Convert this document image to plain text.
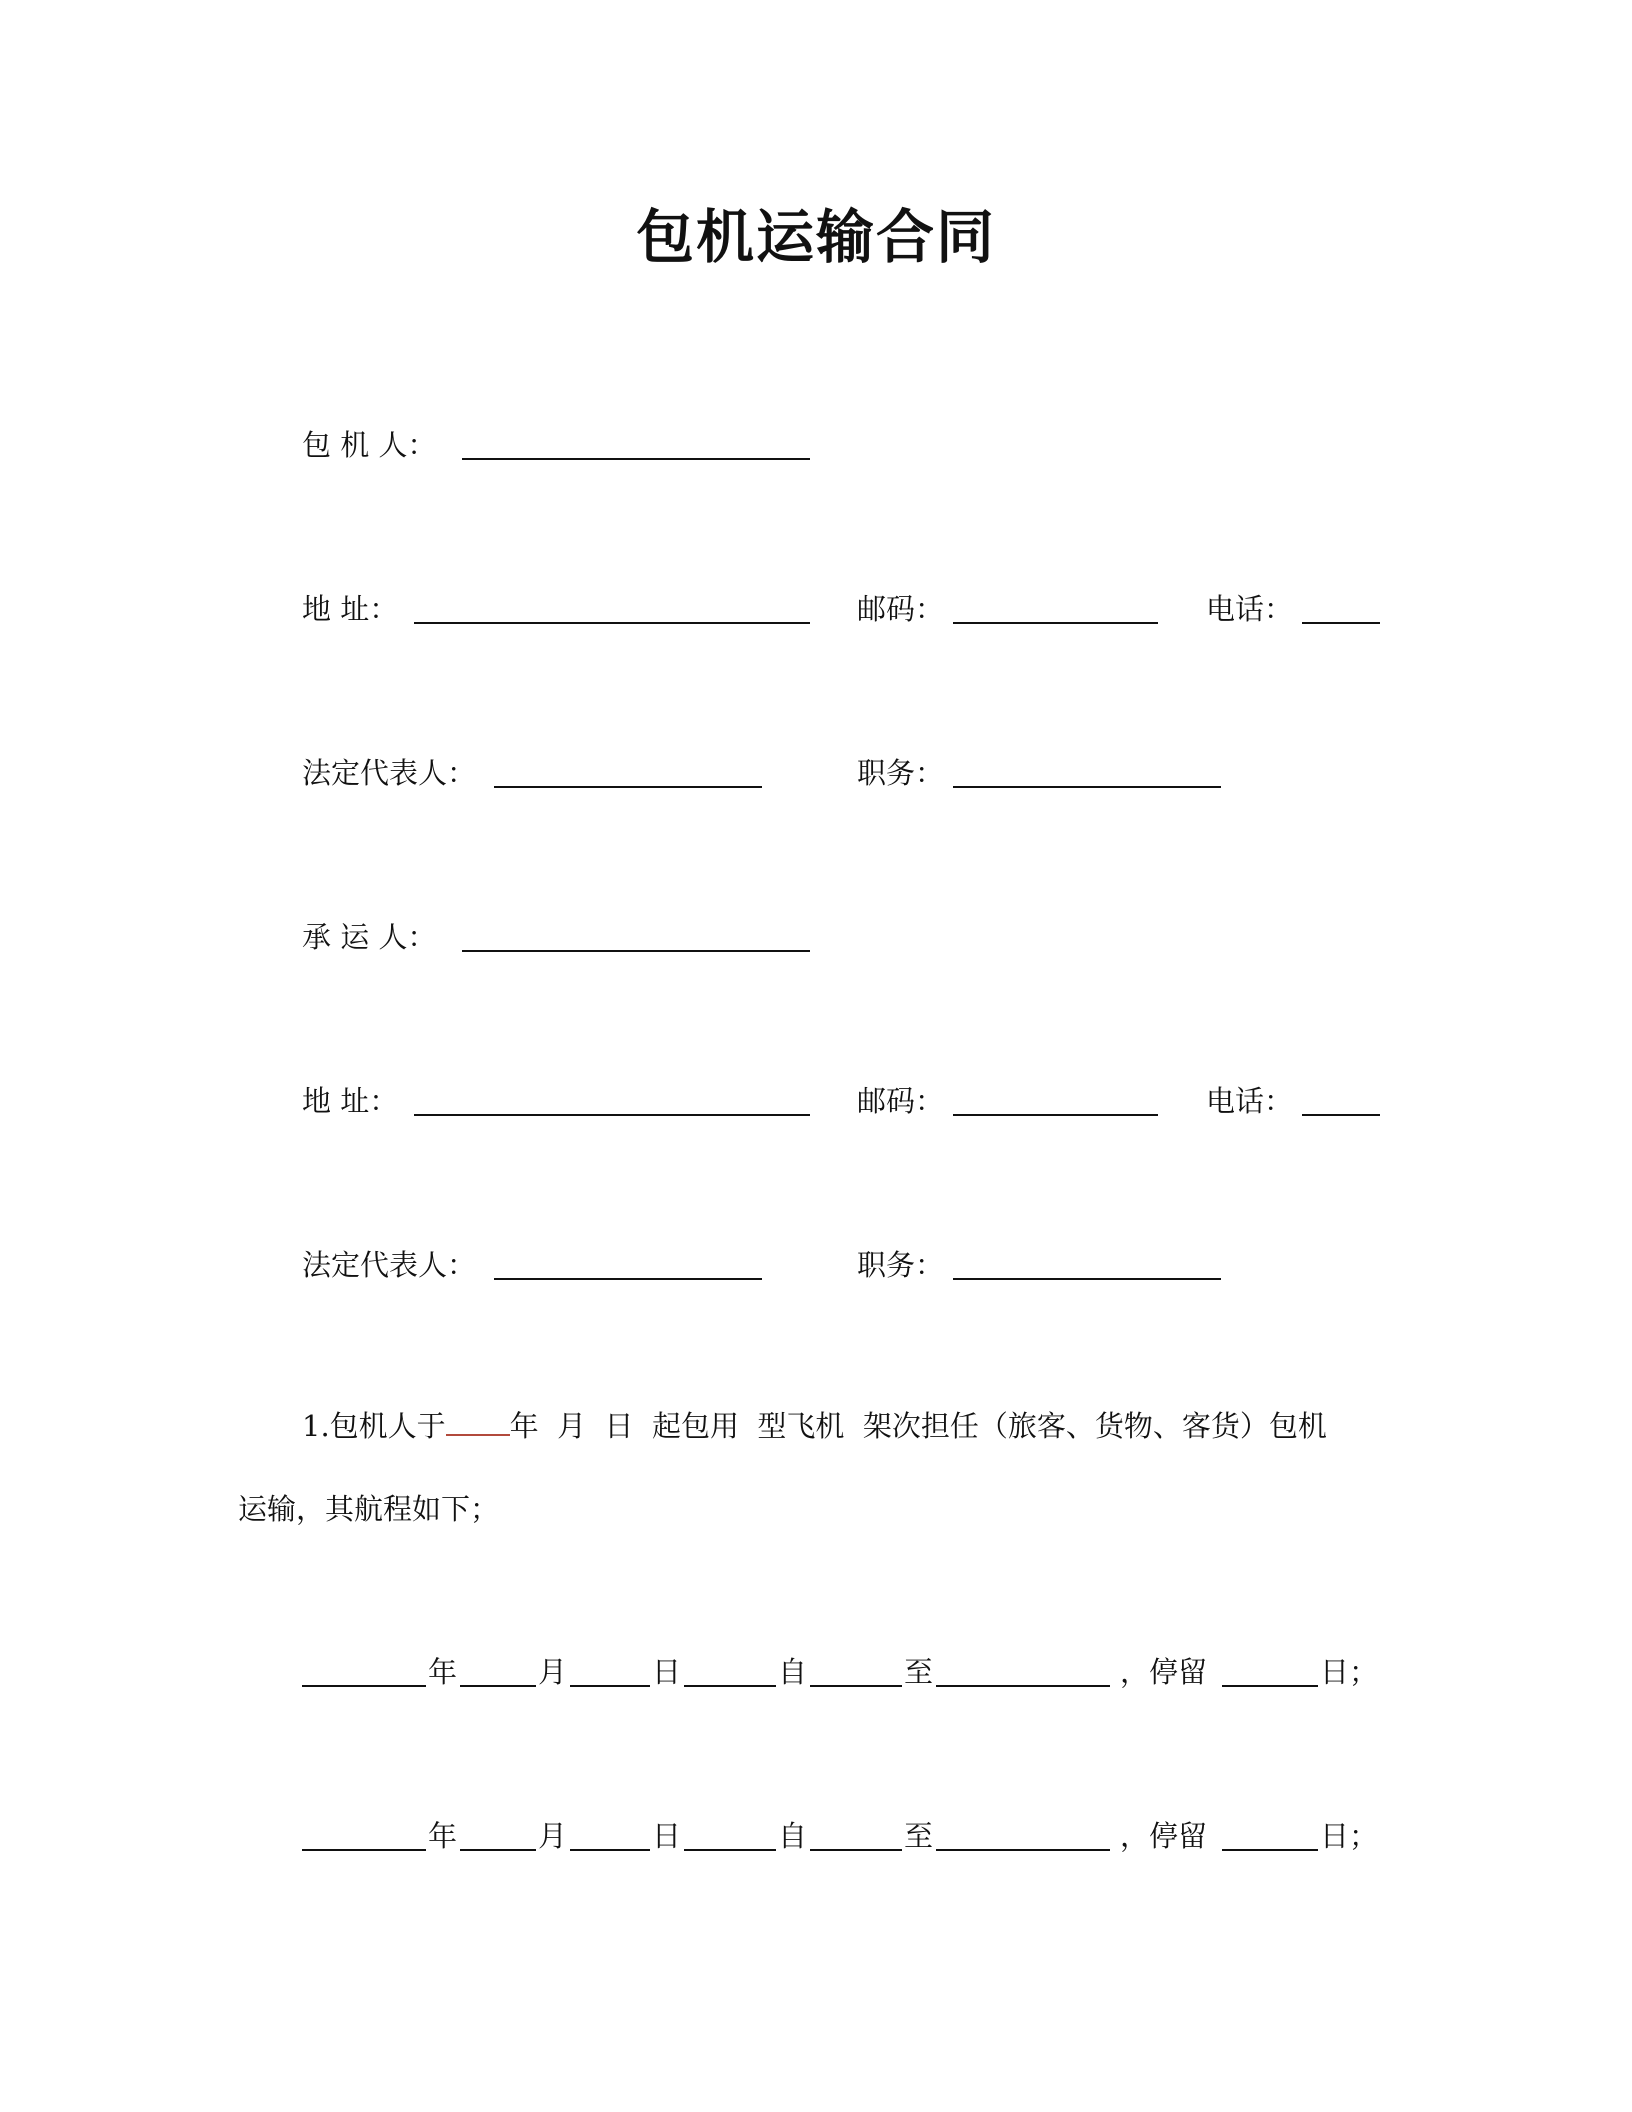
包机运输合同
包 机 人：
地 址：	邮码：	电话：
法定代表人：	职务：
承 运 人：
地 址：	邮码：	电话：
法定代表人：	职务：
1.包机人于 年  月  日  起包用  型飞机  架次担任（旅客、货物、客货）包机
运输，其航程如下；
年	月	日	自	至	，停留	日；
年	月	日	自	至	，停留	日；
